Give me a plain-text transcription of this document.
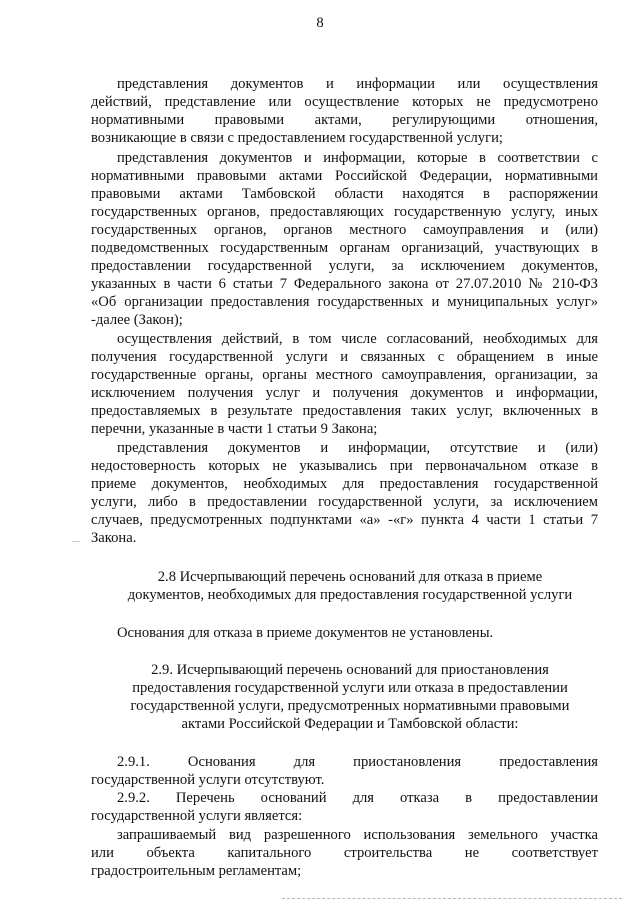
8
представления документов и информации или осуществления
действий, представление или осуществление которых не предусмотрено
нормативными правовыми актами, регулирующими отношения,
возникающие в связи с предоставлением государственной услуги;
представления документов и информации, которые в соответствии с
нормативными правовыми актами Российской Федерации, нормативными
правовыми актами Тамбовской области находятся в распоряжении
государственных органов, предоставляющих государственную услугу, иных
государственных органов, органов местного самоуправления и (или)
подведомственных государственным органам организаций, участвующих в
предоставлении государственной услуги, за исключением документов,
указанных в части 6 статьи 7 Федерального закона от 27.07.2010 № 210-ФЗ
«Об организации предоставления государственных и муниципальных услуг»
-далее (Закон);
осуществления действий, в том числе согласований, необходимых для
получения государственной услуги и связанных с обращением в иные
государственные органы, органы местного самоуправления, организации, за
исключением получения услуг и получения документов и информации,
предоставляемых в результате предоставления таких услуг, включенных в
перечни, указанные в части 1 статьи 9 Закона;
представления документов и информации, отсутствие и (или)
недостоверность которых не указывались при первоначальном отказе в
приеме документов, необходимых для предоставления государственной
услуги, либо в предоставлении государственной услуги, за исключением
случаев, предусмотренных подпунктами «а» -«г» пункта 4 части 1 статьи 7
Закона.
2.8 Исчерпывающий перечень оснований для отказа в приеме
документов, необходимых для предоставления государственной услуги
Основания для отказа в приеме документов не установлены.
2.9. Исчерпывающий перечень оснований для приостановления
предоставления государственной услуги или отказа в предоставлении
государственной услуги, предусмотренных нормативными правовыми
актами Российской Федерации и Тамбовской области:
2.9.1. Основания для приостановления предоставления
государственной услуги отсутствуют.
2.9.2. Перечень оснований для отказа в предоставлении
государственной услуги является:
запрашиваемый вид разрешенного использования земельного участка
или объекта капитального строительства не соответствует
градостроительным регламентам;
